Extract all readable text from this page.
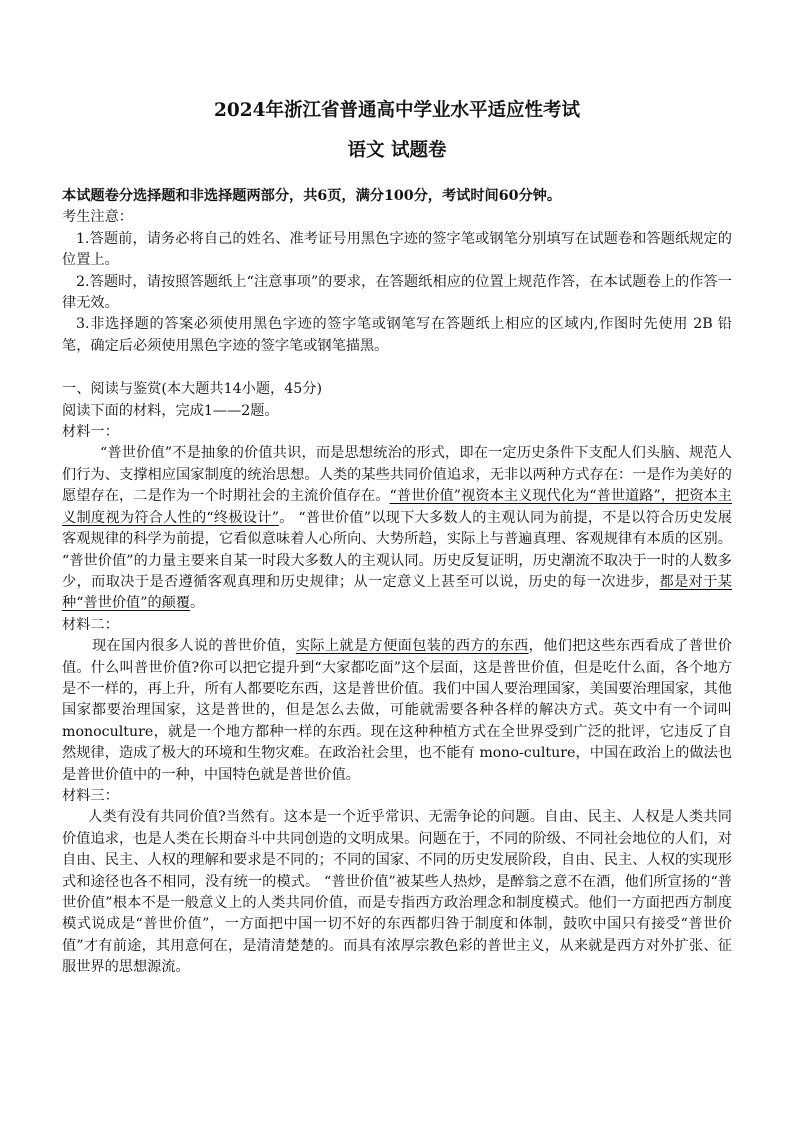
2024年浙江省普通高中学业水平适应性考试
语文 试题卷

本试题卷分选择题和非选择题两部分，共6页，满分100分，考试时间60分钟。

考生注意：

1.答题前，请务必将自己的姓名、准考证号用黑色字迹的签字笔或钢笔分别填写在试题卷和答题纸规定的位置上。

2.答题时，请按照答题纸上“注意事项”的要求，在答题纸相应的位置上规范作答，在本试题卷上的作答一律无效。

3.非选择题的答案必须使用黑色字迹的签字笔或钢笔写在答题纸上相应的区域内,作图时先使用 2B 铅笔，确定后必须使用黑色字迹的签字笔或钢笔描黑。

一、阅读与鉴赏(本大题共14小题，45分)

阅读下面的材料，完成1——2题。

材料一：

“普世价值”不是抽象的价值共识，而是思想统治的形式，即在一定历史条件下支配人们头脑、规范人们行为、支撑相应国家制度的统治思想。人类的某些共同价值追求，无非以两种方式存在：一是作为美好的愿望存在，二是作为一个时期社会的主流价值存在。“普世价值”视资本主义现代化为“普世道路”，把资本主义制度视为符合人性的“终极设计”。 “普世价值”以现下大多数人的主观认同为前提，不是以符合历史发展客观规律的科学为前提，它看似意味着人心所向、大势所趋，实际上与普遍真理、客观规律有本质的区别。 “普世价值”的力量主要来自某一时段大多数人的主观认同。历史反复证明，历史潮流不取决于一时的人数多少，而取决于是否遵循客观真理和历史规律；从一定意义上甚至可以说，历史的每一次进步，都是对于某种“普世价值”的颠覆。

材料二：

现在国内很多人说的普世价值，实际上就是方便面包装的西方的东西，他们把这些东西看成了普世价值。什么叫普世价值?你可以把它提升到“大家都吃面”这个层面，这是普世价值，但是吃什么面，各个地方是不一样的，再上升，所有人都要吃东西，这是普世价值。我们中国人要治理国家，美国要治理国家，其他国家都要治理国家，这是普世的，但是怎么去做，可能就需要各种各样的解决方式。英文中有一个词叫 monoculture，就是一个地方都种一样的东西。现在这种种植方式在全世界受到广泛的批评，它违反了自然规律，造成了极大的环境和生物灾难。在政治社会里，也不能有 mono-culture，中国在政治上的做法也是普世价值中的一种，中国特色就是普世价值。

材料三：

人类有没有共同价值?当然有。这本是一个近乎常识、无需争论的问题。自由、民主、人权是人类共同价值追求，也是人类在长期奋斗中共同创造的文明成果。问题在于，不同的阶级、不同社会地位的人们，对自由、民主、人权的理解和要求是不同的；不同的国家、不同的历史发展阶段，自由、民主、人权的实现形式和途径也各不相同，没有统一的模式。 “普世价值”被某些人热炒，是醉翁之意不在酒，他们所宣扬的“普世价值”根本不是一般意义上的人类共同价值，而是专指西方政治理念和制度模式。他们一方面把西方制度模式说成是“普世价值”，一方面把中国一切不好的东西都归咎于制度和体制，鼓吹中国只有接受“普世价值”才有前途，其用意何在，是清清楚楚的。而具有浓厚宗教色彩的普世主义，从来就是西方对外扩张、征服世界的思想源流。
